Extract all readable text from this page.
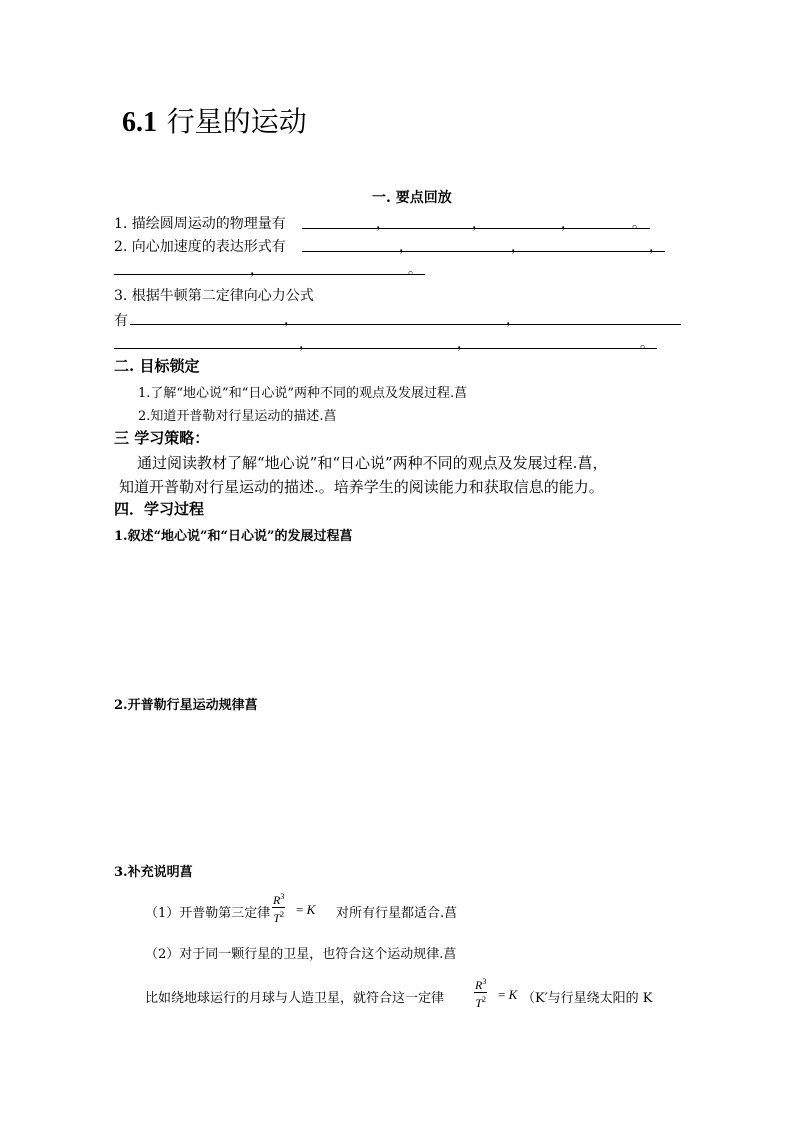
6.1 行星的运动
一. 要点回放
1. 描绘圆周运动的物理量有	，	，	，	。
2. 向心加速度的表达形式有	，	，	，
，	。
3. 根据牛顿第二定律向心力公式
有	，	，
，	，	。
二. 目标锁定
1.了解“地心说”和“日心说”两种不同的观点及发展过程.菖
2.知道开普勒对行星运动的描述.菖
三 学习策略：
通过阅读教材了解“地心说”和“日心说”两种不同的观点及发展过程.菖，
知道开普勒对行星运动的描述.。培养学生的阅读能力和获取信息的能力。
四．学习过程
1.叙述“地心说”和“日心说”的发展过程菖
2.开普勒行星运动规律菖
3.补充说明菖
（1）开普勒第三定律 $\frac{R^3}{T^2} = K$ 对所有行星都适合.菖
（2）对于同一颗行星的卫星，也符合这个运动规律.菖
比如绕地球运行的月球与人造卫星，就符合这一定律 $\frac{R^3}{T^2} = K$ （K′与行星绕太阳的 K
